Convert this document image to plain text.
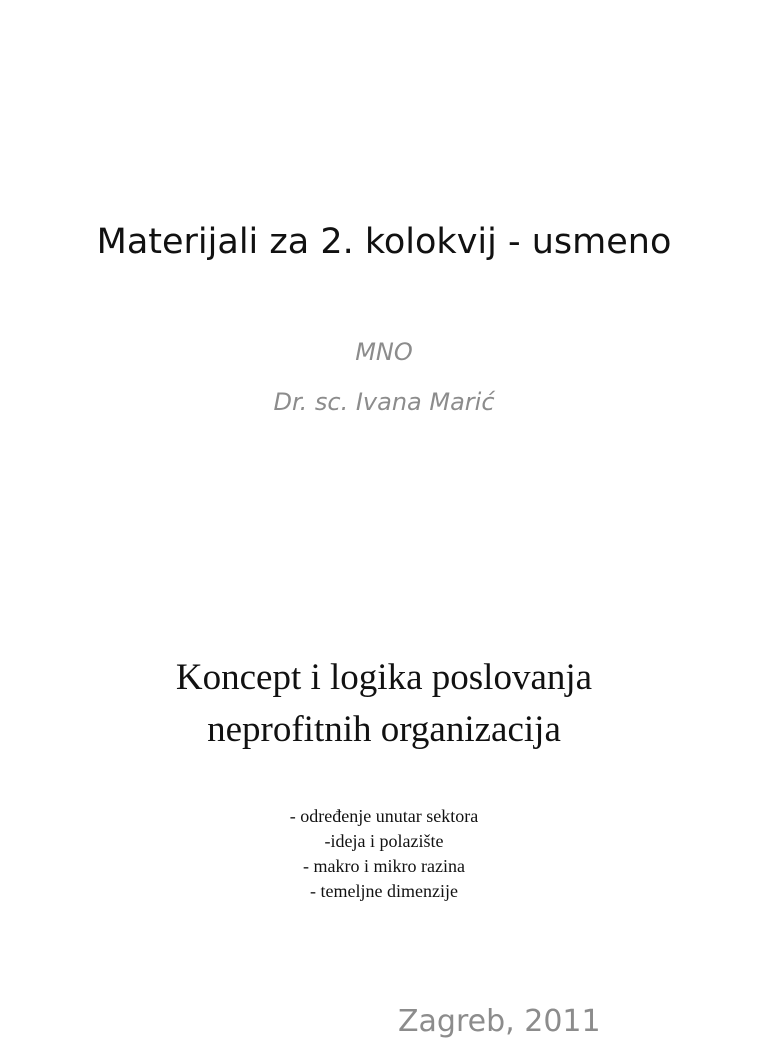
Materijali za 2. kolokvij - usmeno
MNO
Dr. sc. Ivana Marić
Koncept i logika poslovanja
neprofitnih organizacija
- određenje unutar sektora
-ideja i polazište
- makro i mikro razina
- temeljne dimenzije
Zagreb, 2011
